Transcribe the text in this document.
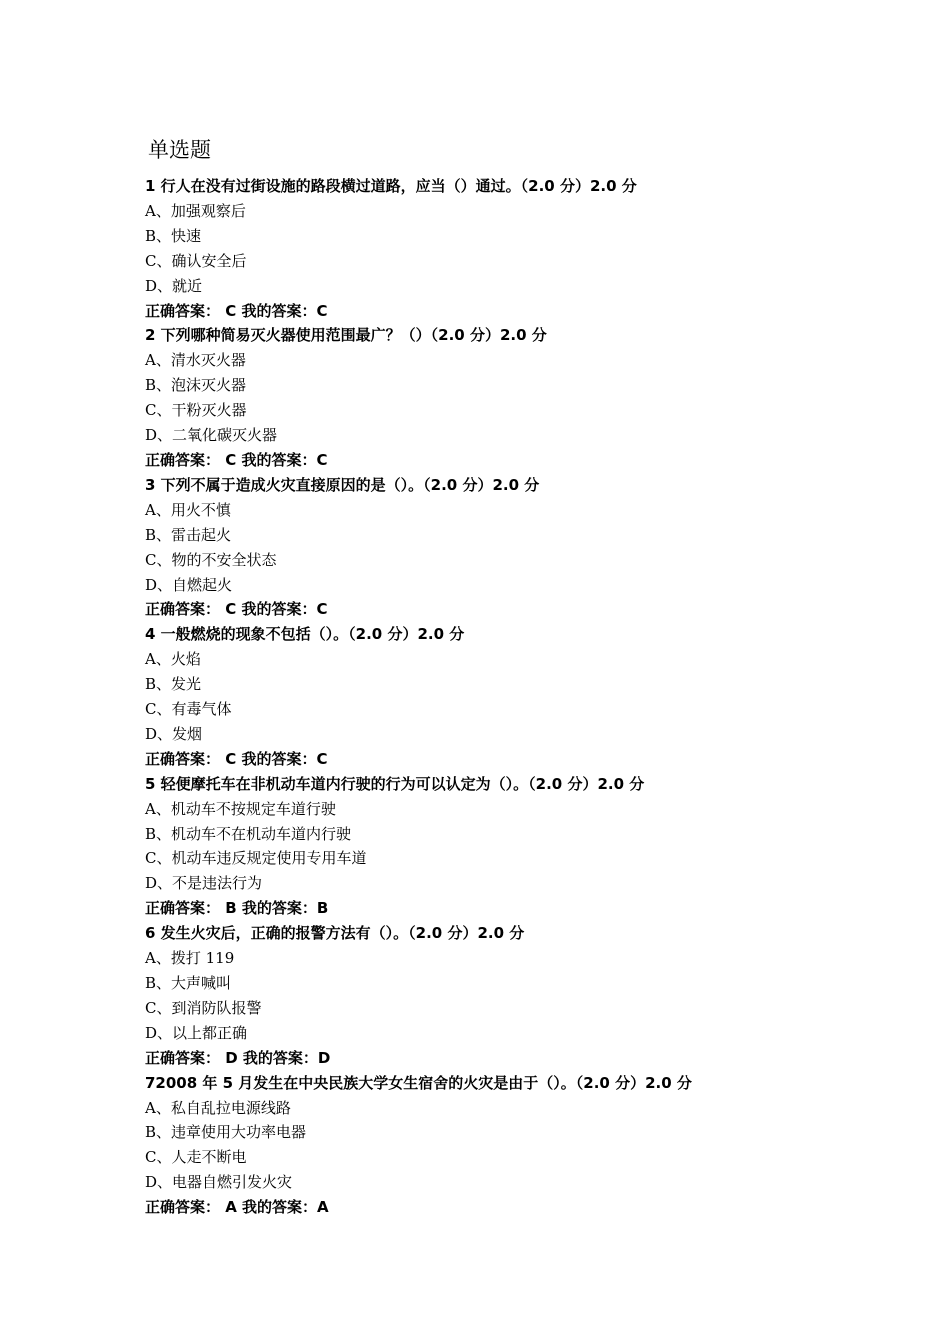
单选题
1 行人在没有过街设施的路段横过道路，应当（）通过。（2.0 分）2.0 分
A、加强观察后
B、快速
C、确认安全后
D、就近
正确答案： C 我的答案：C
2 下列哪种简易灭火器使用范围最广？（）（2.0 分）2.0 分
A、清水灭火器
B、泡沫灭火器
C、干粉灭火器
D、二氧化碳灭火器
正确答案： C 我的答案：C
3 下列不属于造成火灾直接原因的是（）。（2.0 分）2.0 分
A、用火不慎
B、雷击起火
C、物的不安全状态
D、自燃起火
正确答案： C 我的答案：C
4 一般燃烧的现象不包括（）。（2.0 分）2.0 分
A、火焰
B、发光
C、有毒气体
D、发烟
正确答案： C 我的答案：C
5 轻便摩托车在非机动车道内行驶的行为可以认定为（）。（2.0 分）2.0 分
A、机动车不按规定车道行驶
B、机动车不在机动车道内行驶
C、机动车违反规定使用专用车道
D、不是违法行为
正确答案： B 我的答案：B
6 发生火灾后，正确的报警方法有（）。（2.0 分）2.0 分
A、拨打 119
B、大声喊叫
C、到消防队报警
D、以上都正确
正确答案： D 我的答案：D
72008 年 5 月发生在中央民族大学女生宿舍的火灾是由于（）。（2.0 分）2.0 分
A、私自乱拉电源线路
B、违章使用大功率电器
C、人走不断电
D、电器自燃引发火灾
正确答案： A 我的答案：A
